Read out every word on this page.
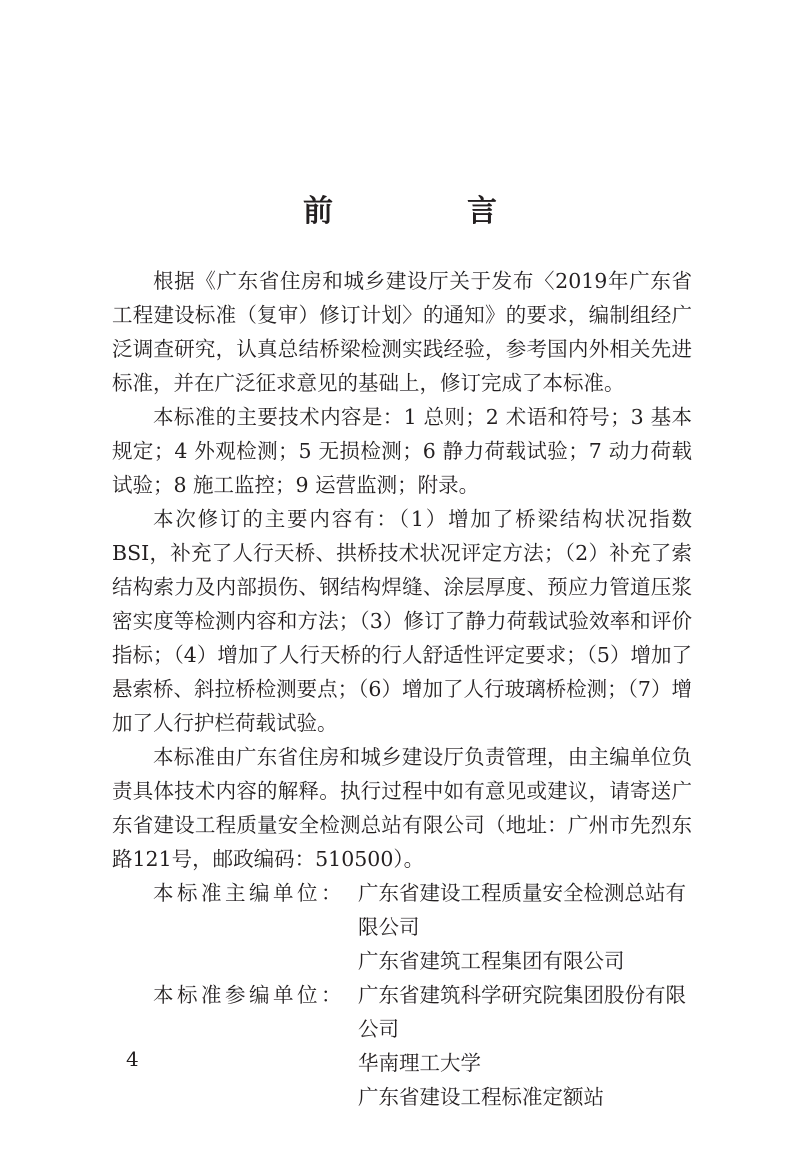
前　言

根据《广东省住房和城乡建设厅关于发布〈2019年广东省工程建设标准（复审）修订计划〉的通知》的要求，编制组经广泛调查研究，认真总结桥梁检测实践经验，参考国内外相关先进标准，并在广泛征求意见的基础上，修订完成了本标准。

本标准的主要技术内容是：1 总则；2 术语和符号；3 基本规定；4 外观检测；5 无损检测；6 静力荷载试验；7 动力荷载试验；8 施工监控；9 运营监测；附录。

本次修订的主要内容有：（1）增加了桥梁结构状况指数BSI，补充了人行天桥、拱桥技术状况评定方法；（2）补充了索结构索力及内部损伤、钢结构焊缝、涂层厚度、预应力管道压浆密实度等检测内容和方法；（3）修订了静力荷载试验效率和评价指标；（4）增加了人行天桥的行人舒适性评定要求；（5）增加了悬索桥、斜拉桥检测要点；（6）增加了人行玻璃桥检测；（7）增加了人行护栏荷载试验。

本标准由广东省住房和城乡建设厅负责管理，由主编单位负责具体技术内容的解释。执行过程中如有意见或建议，请寄送广东省建设工程质量安全检测总站有限公司（地址：广州市先烈东路121号，邮政编码：510500）。

本标准主编单位： 广东省建设工程质量安全检测总站有限公司
广东省建筑工程集团有限公司
本标准参编单位： 广东省建筑科学研究院集团股份有限公司
华南理工大学
广东省建设工程标准定额站
4
